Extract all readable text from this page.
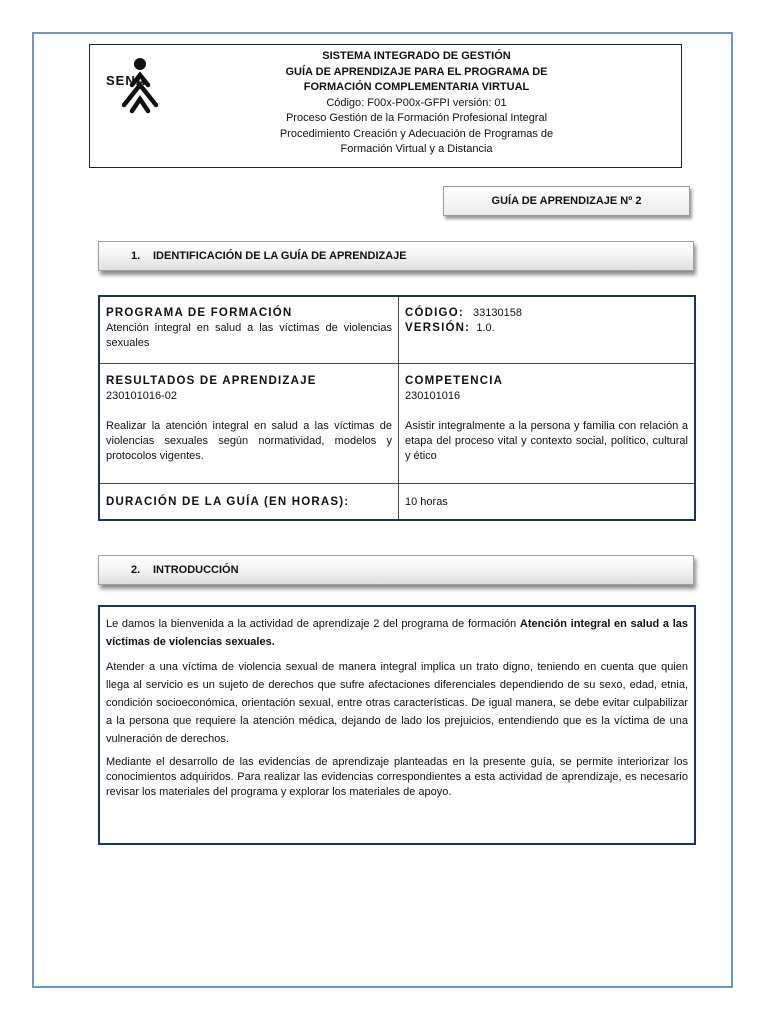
SENA
SISTEMA INTEGRADO DE GESTIÓN
GUÍA DE APRENDIZAJE PARA EL PROGRAMA DE
FORMACIÓN COMPLEMENTARIA VIRTUAL
Código: F00x-P00x-GFPI versión: 01
Proceso Gestión de la Formación Profesional Integral
Procedimiento Creación y Adecuación de Programas de
Formación Virtual y a Distancia
GUÍA DE APRENDIZAJE Nº 2
1. IDENTIFICACIÓN DE LA GUÍA DE APRENDIZAJE
PROGRAMA DE FORMACIÓN
Atención integral en salud a las víctimas de violencias sexuales
CÓDIGO: 33130158
VERSIÓN: 1.0.
RESULTADOS DE APRENDIZAJE
230101016-02
Realizar la atención integral en salud a las víctimas de violencias sexuales según normatividad, modelos y protocolos vigentes.
COMPETENCIA
230101016
Asistir integralmente a la persona y familia con relación a etapa del proceso vital y contexto social, político, cultural y ético
DURACIÓN DE LA GUÍA (EN HORAS):	10 horas
2. INTRODUCCIÓN

Le damos la bienvenida a la actividad de aprendizaje 2 del programa de formación Atención integral en salud a las víctimas de violencias sexuales.

Atender a una víctima de violencia sexual de manera integral implica un trato digno, teniendo en cuenta que quien llega al servicio es un sujeto de derechos que sufre afectaciones diferenciales dependiendo de su sexo, edad, etnia, condición socioeconómica, orientación sexual, entre otras características. De igual manera, se debe evitar culpabilizar a la persona que requiere la atención médica, dejando de lado los prejuicios, entendiendo que es la víctima de una vulneración de derechos.

Mediante el desarrollo de las evidencias de aprendizaje planteadas en la presente guía, se permite interiorizar los conocimientos adquiridos. Para realizar las evidencias correspondientes a esta actividad de aprendizaje, es necesario revisar los materiales del programa y explorar los materiales de apoyo.
